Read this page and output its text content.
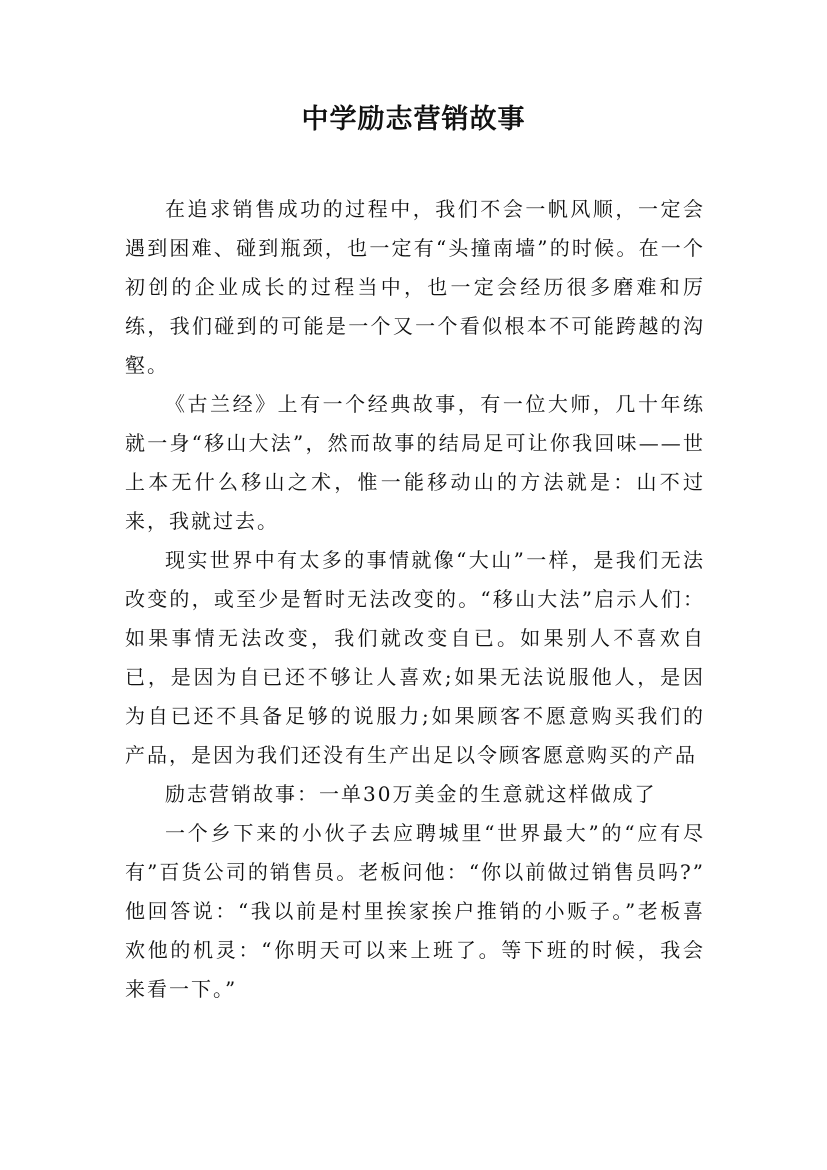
中学励志营销故事

在追求销售成功的过程中，我们不会一帆风顺，一定会遇到困难、碰到瓶颈，也一定有“头撞南墙”的时候。在一个初创的企业成长的过程当中，也一定会经历很多磨难和厉练，我们碰到的可能是一个又一个看似根本不可能跨越的沟壑。

《古兰经》上有一个经典故事，有一位大师，几十年练就一身“移山大法”，然而故事的结局足可让你我回味——世上本无什么移山之术，惟一能移动山的方法就是：山不过来，我就过去。

现实世界中有太多的事情就像“大山”一样，是我们无法改变的，或至少是暂时无法改变的。“移山大法”启示人们：如果事情无法改变，我们就改变自已。如果别人不喜欢自已，是因为自已还不够让人喜欢;如果无法说服他人，是因为自已还不具备足够的说服力;如果顾客不愿意购买我们的产品，是因为我们还没有生产出足以令顾客愿意购买的产品

励志营销故事：一单30万美金的生意就这样做成了

一个乡下来的小伙子去应聘城里“世界最大”的“应有尽有”百货公司的销售员。老板问他：“你以前做过销售员吗?” 他回答说：“我以前是村里挨家挨户推销的小贩子。”老板喜欢他的机灵：“你明天可以来上班了。等下班的时候，我会来看一下。”
